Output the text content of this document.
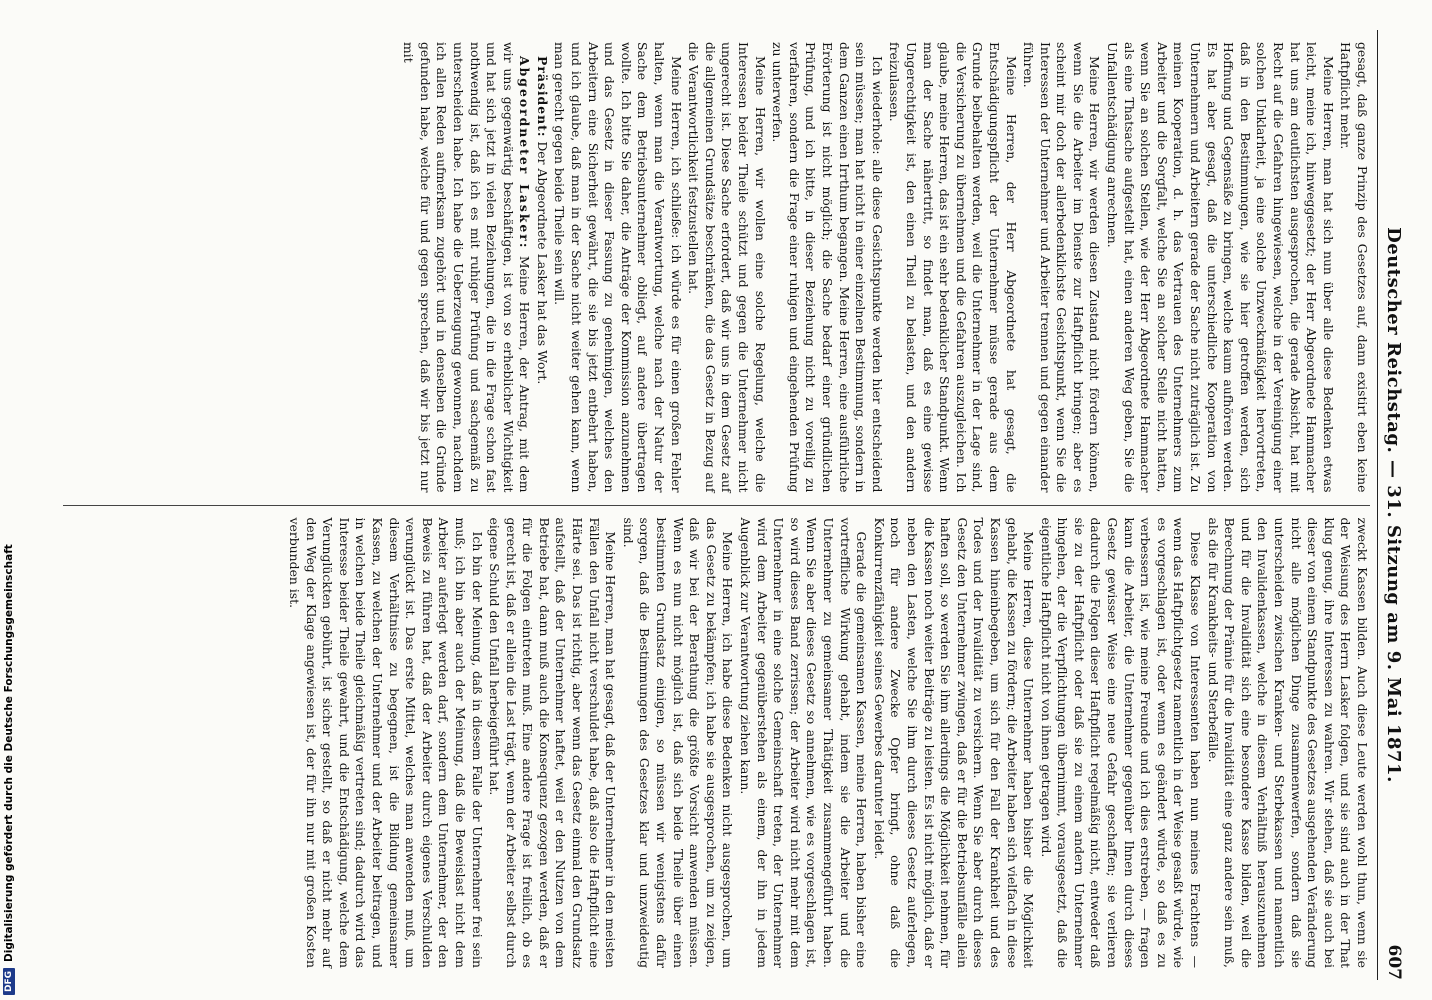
Deutscher Reichstag. — 31. Sitzung am 9. Mai 1871.
607

gesagt, daß ganze Prinzip des Gesetzes auf, dann existirt eben keine Haftpflicht mehr.

Meine Herren, man hat sich nun über alle diese Bedenken etwas leicht, meine ich, hinweggesetzt; der Herr Abgeordnete Hammacher hat uns am deutlichsten ausgesprochen, die gerade Absicht, hat mit Recht auf die Gefahren hingewiesen, welche in der Vereinigung einer solchen Unklarheit, ja eine solche Unzweckmäßigkeit hervortreten, daß in den Bestimmungen, wie sie hier getroffen werden, sich Hoffnung und Gegensäße zu bringen, welche kaum aufhören werden. Es hat aber gesagt, daß die unterschiedliche Kooperation von Unternehmern und Arbeitern gerade der Sache nicht zuträglich ist. Zu meinen Kooperation, d. h. das Vertrauen des Unternehmers zum Arbeiter und die Sorgfalt, welche Sie an solcher Stelle nicht hatten, wenn Sie an solchen Stellen, wie der Herr Abgeordnete Hammacher als eine Thatsache aufgestellt hat, einen anderen Weg geben, Sie die Unfallentschädigung anrechnen.

Meine Herren, wir werden diesen Zustand nicht fördern können, wenn Sie die Arbeiter im Dienste zur Haftpflicht bringen; aber es scheint mir doch der allerbedenklichste Gesichtspunkt, wenn Sie die Interessen der Unternehmer und Arbeiter trennen und gegen einander führen.

Meine Herren, der Herr Abgeordnete hat gesagt, die Entschädigungspflicht der Unternehmer müsse gerade aus dem Grunde beibehalten werden, weil die Unternehmer in der Lage sind, die Versicherung zu übernehmen und die Gefahren auszugleichen. Ich glaube, meine Herren, das ist ein sehr bedenklicher Standpunkt. Wenn man der Sache nähertritt, so findet man, daß es eine gewisse Ungerechtigkeit ist, den einen Theil zu belasten, und den andern freizulassen.

Ich wiederhole: alle diese Gesichtspunkte werden hier entscheidend sein müssen; man hat nicht in einer einzelnen Bestimmung, sondern in dem Ganzen einen Irrthum begangen. Meine Herren, eine ausführliche Erörterung ist nicht möglich; die Sache bedarf einer gründlichen Prüfung, und ich bitte, in dieser Beziehung nicht zu voreilig zu verfahren, sondern die Frage einer ruhigen und eingehenden Prüfung zu unterwerfen.

Meine Herren, wir wollen eine solche Regelung, welche die Interessen beider Theile schützt und gegen die Unternehmer nicht ungerecht ist. Diese Sache erfordert, daß wir uns in dem Gesetz auf die allgemeinen Grundsätze beschränken, die das Gesetz in Bezug auf die Verantwortlichkeit festzustellen hat.

Meine Herren, ich schließe: ich würde es für einen großen Fehler halten, wenn man die Verantwortung, welche nach der Natur der Sache dem Betriebsunternehmer obliegt, auf andere übertragen wollte. Ich bitte Sie daher, die Anträge der Kommission anzunehmen und das Gesetz in dieser Fassung zu genehmigen, welches den Arbeitern eine Sicherheit gewährt, die sie bis jetzt entbehrt haben, und ich glaube, daß man in der Sache nicht weiter gehen kann, wenn man gerecht gegen beide Theile sein will.

Präsident: Der Abgeordnete Lasker hat das Wort.

Abgeordneter Lasker: Meine Herren, der Antrag, mit dem wir uns gegenwärtig beschäftigen, ist von so erheblicher Wichtigkeit und hat sich jetzt in vielen Beziehungen, die in die Frage schon fast nothwendig ist, daß ich es mit ruhiger Prüfung und sachgemäß zu unterscheiden habe. Ich habe die Ueberzeugung gewonnen, nachdem ich allen Reden aufmerksam zugehört und in denselben die Gründe gefunden habe, welche für und gegen sprechen, daß wir bis jetzt nur mit

zweckt Kassen bilden. Auch diese Leute werden wohl thun, wenn sie der Weisung des Herrn Lasker folgen, und sie sind auch in der That klug genug, ihre Interessen zu wahren. Wir stehen, daß sie auch bei dieser von einem Standpunkte des Gesetzes ausgehenden Veränderung nicht alle möglichen Dinge zusammenwerfen, sondern daß sie unterscheiden zwischen Kranken- und Sterbekassen und namentlich den Invalidenkassen, welche in diesem Verhältniß herauszunehmen und für die Invalidität sich eine besondere Kasse bilden, weil die Berechnung der Prämie für die Invalidität eine ganz andere sein muß, als die für Krankheits- und Sterbefälle.

Diese Klasse von Interessenten haben nun meines Erachtens — wenn das Haftpflichtgesetz namentlich in der Weise gesaßt würde, wie es vorgeschlagen ist, oder wenn es geändert würde, so daß es zu verbessern ist, wie meine Freunde und ich dies erstreben, — fragen kann die Arbeiter, die Unternehmer gegenüber Ihnen durch dieses Gesetz gewisser Weise eine neue Gefahr geschaffen; sie verlieren dadurch die Folgen dieser Haftpflicht regelmäßig nicht, entweder daß sie zu der Haftpflicht oder daß sie zu einem andern Unternehmer hingehen, der die Verpflichtungen übernimmt, vorausgesetzt, daß die eigentliche Haftpflicht nicht von ihnen getragen wird.

Meine Herren, diese Unternehmer haben bisher die Möglichkeit gehabt, die Kassen zu fördern; die Arbeiter haben sich vielfach in diese Kassen hineinbegeben, um sich für den Fall der Krankheit und des Todes und der Invalidität zu versichern. Wenn Sie aber durch dieses Gesetz den Unternehmer zwingen, daß er für die Betriebsunfälle allein haften soll, so werden Sie ihm allerdings die Möglichkeit nehmen, für die Kassen noch weiter Beiträge zu leisten. Es ist nicht möglich, daß er neben den Lasten, welche Sie ihm durch dieses Gesetz auferlegen, noch für andere Zwecke Opfer bringt, ohne daß die Konkurrenzfähigkeit seines Gewerbes darunter leidet.

Gerade die gemeinsamen Kassen, meine Herren, haben bisher eine vortreffliche Wirkung gehabt, indem sie die Arbeiter und die Unternehmer zu gemeinsamer Thätigkeit zusammengeführt haben. Wenn Sie aber dieses Gesetz so annehmen, wie es vorgeschlagen ist, so wird dieses Band zerrissen; der Arbeiter wird nicht mehr mit dem Unternehmer in eine solche Gemeinschaft treten, der Unternehmer wird dem Arbeiter gegenüberstehen als einem, der ihn in jedem Augenblick zur Verantwortung ziehen kann.

Meine Herren, ich habe diese Bedenken nicht ausgesprochen, um das Gesetz zu bekämpfen; ich habe sie ausgesprochen, um zu zeigen, daß wir bei der Berathung die größte Vorsicht anwenden müssen. Wenn es nun nicht möglich ist, daß sich beide Theile über einen bestimmten Grundsatz einigen, so müssen wir wenigstens dafür sorgen, daß die Bestimmungen des Gesetzes klar und unzweideutig sind.

Meine Herren, man hat gesagt, daß der Unternehmer in den meisten Fällen den Unfall nicht verschuldet habe, daß also die Haftpflicht eine Härte sei. Das ist richtig, aber wenn das Gesetz einmal den Grundsatz aufstellt, daß der Unternehmer haftet, weil er den Nutzen von dem Betriebe hat, dann muß auch die Konsequenz gezogen werden, daß er für die Folgen eintreten muß. Eine andere Frage ist freilich, ob es gerecht ist, daß er allein die Last trägt, wenn der Arbeiter selbst durch eigene Schuld den Unfall herbeigeführt hat.

Ich bin der Meinung, daß in diesem Falle der Unternehmer frei sein muß; ich bin aber auch der Meinung, daß die Beweislast nicht dem Arbeiter auferlegt werden darf, sondern dem Unternehmer, der den Beweis zu führen hat, daß der Arbeiter durch eigenes Verschulden verunglückt ist. Das erste Mittel, welches man anwenden muß, um diesem Verhältnisse zu begegnen, ist die Bildung gemeinsamer Kassen, zu welchen der Unternehmer und der Arbeiter beitragen, und in welchen beide Theile gleichmäßig vertreten sind; dadurch wird das Interesse beider Theile gewahrt, und die Entschädigung, welche dem Verunglückten gebührt, ist sicher gestellt, so daß er nicht mehr auf den Weg der Klage angewiesen ist, der für ihn nur mit großen Kosten verbunden ist.

DFG
Digitalisierung gefördert durch die Deutsche Forschungsgemeinschaft
